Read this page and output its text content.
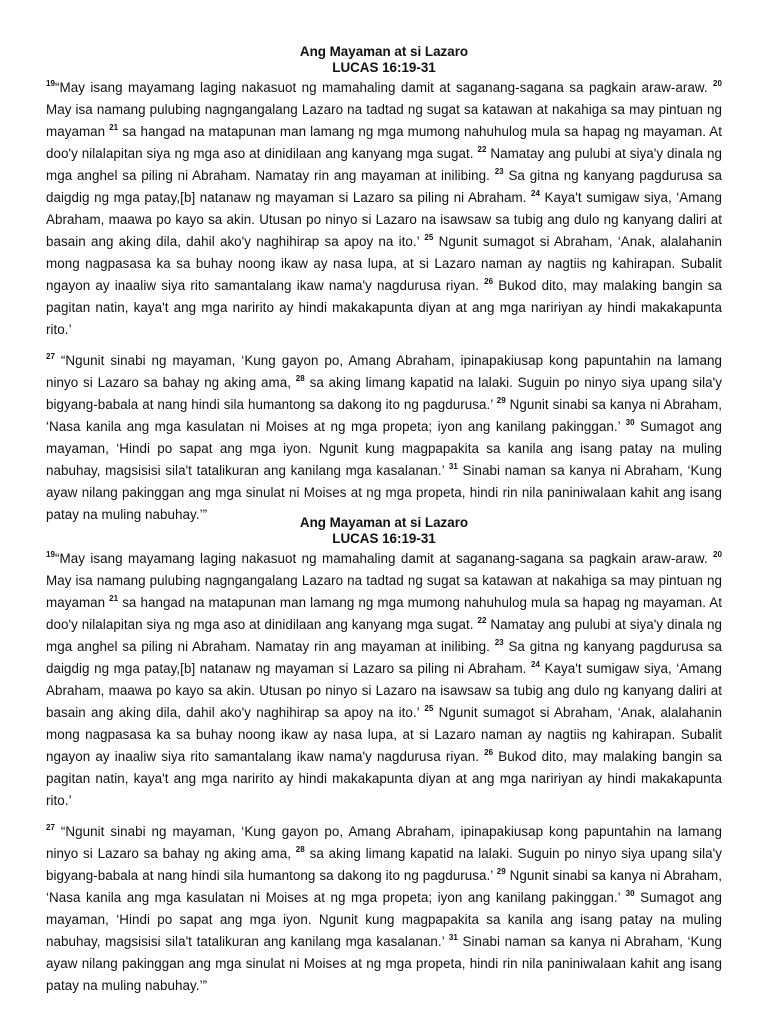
Ang Mayaman at si Lazaro

LUCAS 16:19-31

$^{19}$“May isang mayamang laging nakasuot ng mamahaling damit at saganang-sagana sa pagkain araw-araw. $^{20}$ May isa namang pulubing nagngangalang Lazaro na tadtad ng sugat sa katawan at nakahiga sa may pintuan ng mayaman $^{21}$ sa hangad na matapunan man lamang ng mga mumong nahuhulog mula sa hapag ng mayaman. At doo'y nilalapitan siya ng mga aso at dinidilaan ang kanyang mga sugat. $^{22}$ Namatay ang pulubi at siya'y dinala ng mga anghel sa piling ni Abraham. Namatay rin ang mayaman at inilibing. $^{23}$ Sa gitna ng kanyang pagdurusa sa daigdig ng mga patay,[b] natanaw ng mayaman si Lazaro sa piling ni Abraham. $^{24}$ Kaya't sumigaw siya, ‘Amang Abraham, maawa po kayo sa akin. Utusan po ninyo si Lazaro na isawsaw sa tubig ang dulo ng kanyang daliri at basain ang aking dila, dahil ako'y naghihirap sa apoy na ito.’ $^{25}$ Ngunit sumagot si Abraham, ‘Anak, alalahanin mong nagpasasa ka sa buhay noong ikaw ay nasa lupa, at si Lazaro naman ay nagtiis ng kahirapan. Subalit ngayon ay inaaliw siya rito samantalang ikaw nama'y nagdurusa riyan. $^{26}$ Bukod dito, may malaking bangin sa pagitan natin, kaya't ang mga naririto ay hindi makakapunta diyan at ang mga naririyan ay hindi makakapunta rito.’

$^{27}$ “Ngunit sinabi ng mayaman, ‘Kung gayon po, Amang Abraham, ipinapakiusap kong papuntahin na lamang ninyo si Lazaro sa bahay ng aking ama, $^{28}$ sa aking limang kapatid na lalaki. Suguin po ninyo siya upang sila'y bigyang-babala at nang hindi sila humantong sa dakong ito ng pagdurusa.’ $^{29}$ Ngunit sinabi sa kanya ni Abraham, ‘Nasa kanila ang mga kasulatan ni Moises at ng mga propeta; iyon ang kanilang pakinggan.’ $^{30}$ Sumagot ang mayaman, ‘Hindi po sapat ang mga iyon. Ngunit kung magpapakita sa kanila ang isang patay na muling nabuhay, magsisisi sila't tatalikuran ang kanilang mga kasalanan.’ $^{31}$ Sinabi naman sa kanya ni Abraham, ‘Kung ayaw nilang pakinggan ang mga sinulat ni Moises at ng mga propeta, hindi rin nila paniniwalaan kahit ang isang patay na muling nabuhay.’”

Ang Mayaman at si Lazaro

LUCAS 16:19-31

$^{19}$“May isang mayamang laging nakasuot ng mamahaling damit at saganang-sagana sa pagkain araw-araw. $^{20}$ May isa namang pulubing nagngangalang Lazaro na tadtad ng sugat sa katawan at nakahiga sa may pintuan ng mayaman $^{21}$ sa hangad na matapunan man lamang ng mga mumong nahuhulog mula sa hapag ng mayaman. At doo'y nilalapitan siya ng mga aso at dinidilaan ang kanyang mga sugat. $^{22}$ Namatay ang pulubi at siya'y dinala ng mga anghel sa piling ni Abraham. Namatay rin ang mayaman at inilibing. $^{23}$ Sa gitna ng kanyang pagdurusa sa daigdig ng mga patay,[b] natanaw ng mayaman si Lazaro sa piling ni Abraham. $^{24}$ Kaya't sumigaw siya, ‘Amang Abraham, maawa po kayo sa akin. Utusan po ninyo si Lazaro na isawsaw sa tubig ang dulo ng kanyang daliri at basain ang aking dila, dahil ako'y naghihirap sa apoy na ito.’ $^{25}$ Ngunit sumagot si Abraham, ‘Anak, alalahanin mong nagpasasa ka sa buhay noong ikaw ay nasa lupa, at si Lazaro naman ay nagtiis ng kahirapan. Subalit ngayon ay inaaliw siya rito samantalang ikaw nama'y nagdurusa riyan. $^{26}$ Bukod dito, may malaking bangin sa pagitan natin, kaya't ang mga naririto ay hindi makakapunta diyan at ang mga naririyan ay hindi makakapunta rito.’

$^{27}$ “Ngunit sinabi ng mayaman, ‘Kung gayon po, Amang Abraham, ipinapakiusap kong papuntahin na lamang ninyo si Lazaro sa bahay ng aking ama, $^{28}$ sa aking limang kapatid na lalaki. Suguin po ninyo siya upang sila'y bigyang-babala at nang hindi sila humantong sa dakong ito ng pagdurusa.’ $^{29}$ Ngunit sinabi sa kanya ni Abraham, ‘Nasa kanila ang mga kasulatan ni Moises at ng mga propeta; iyon ang kanilang pakinggan.’ $^{30}$ Sumagot ang mayaman, ‘Hindi po sapat ang mga iyon. Ngunit kung magpapakita sa kanila ang isang patay na muling nabuhay, magsisisi sila't tatalikuran ang kanilang mga kasalanan.’ $^{31}$ Sinabi naman sa kanya ni Abraham, ‘Kung ayaw nilang pakinggan ang mga sinulat ni Moises at ng mga propeta, hindi rin nila paniniwalaan kahit ang isang patay na muling nabuhay.’”
